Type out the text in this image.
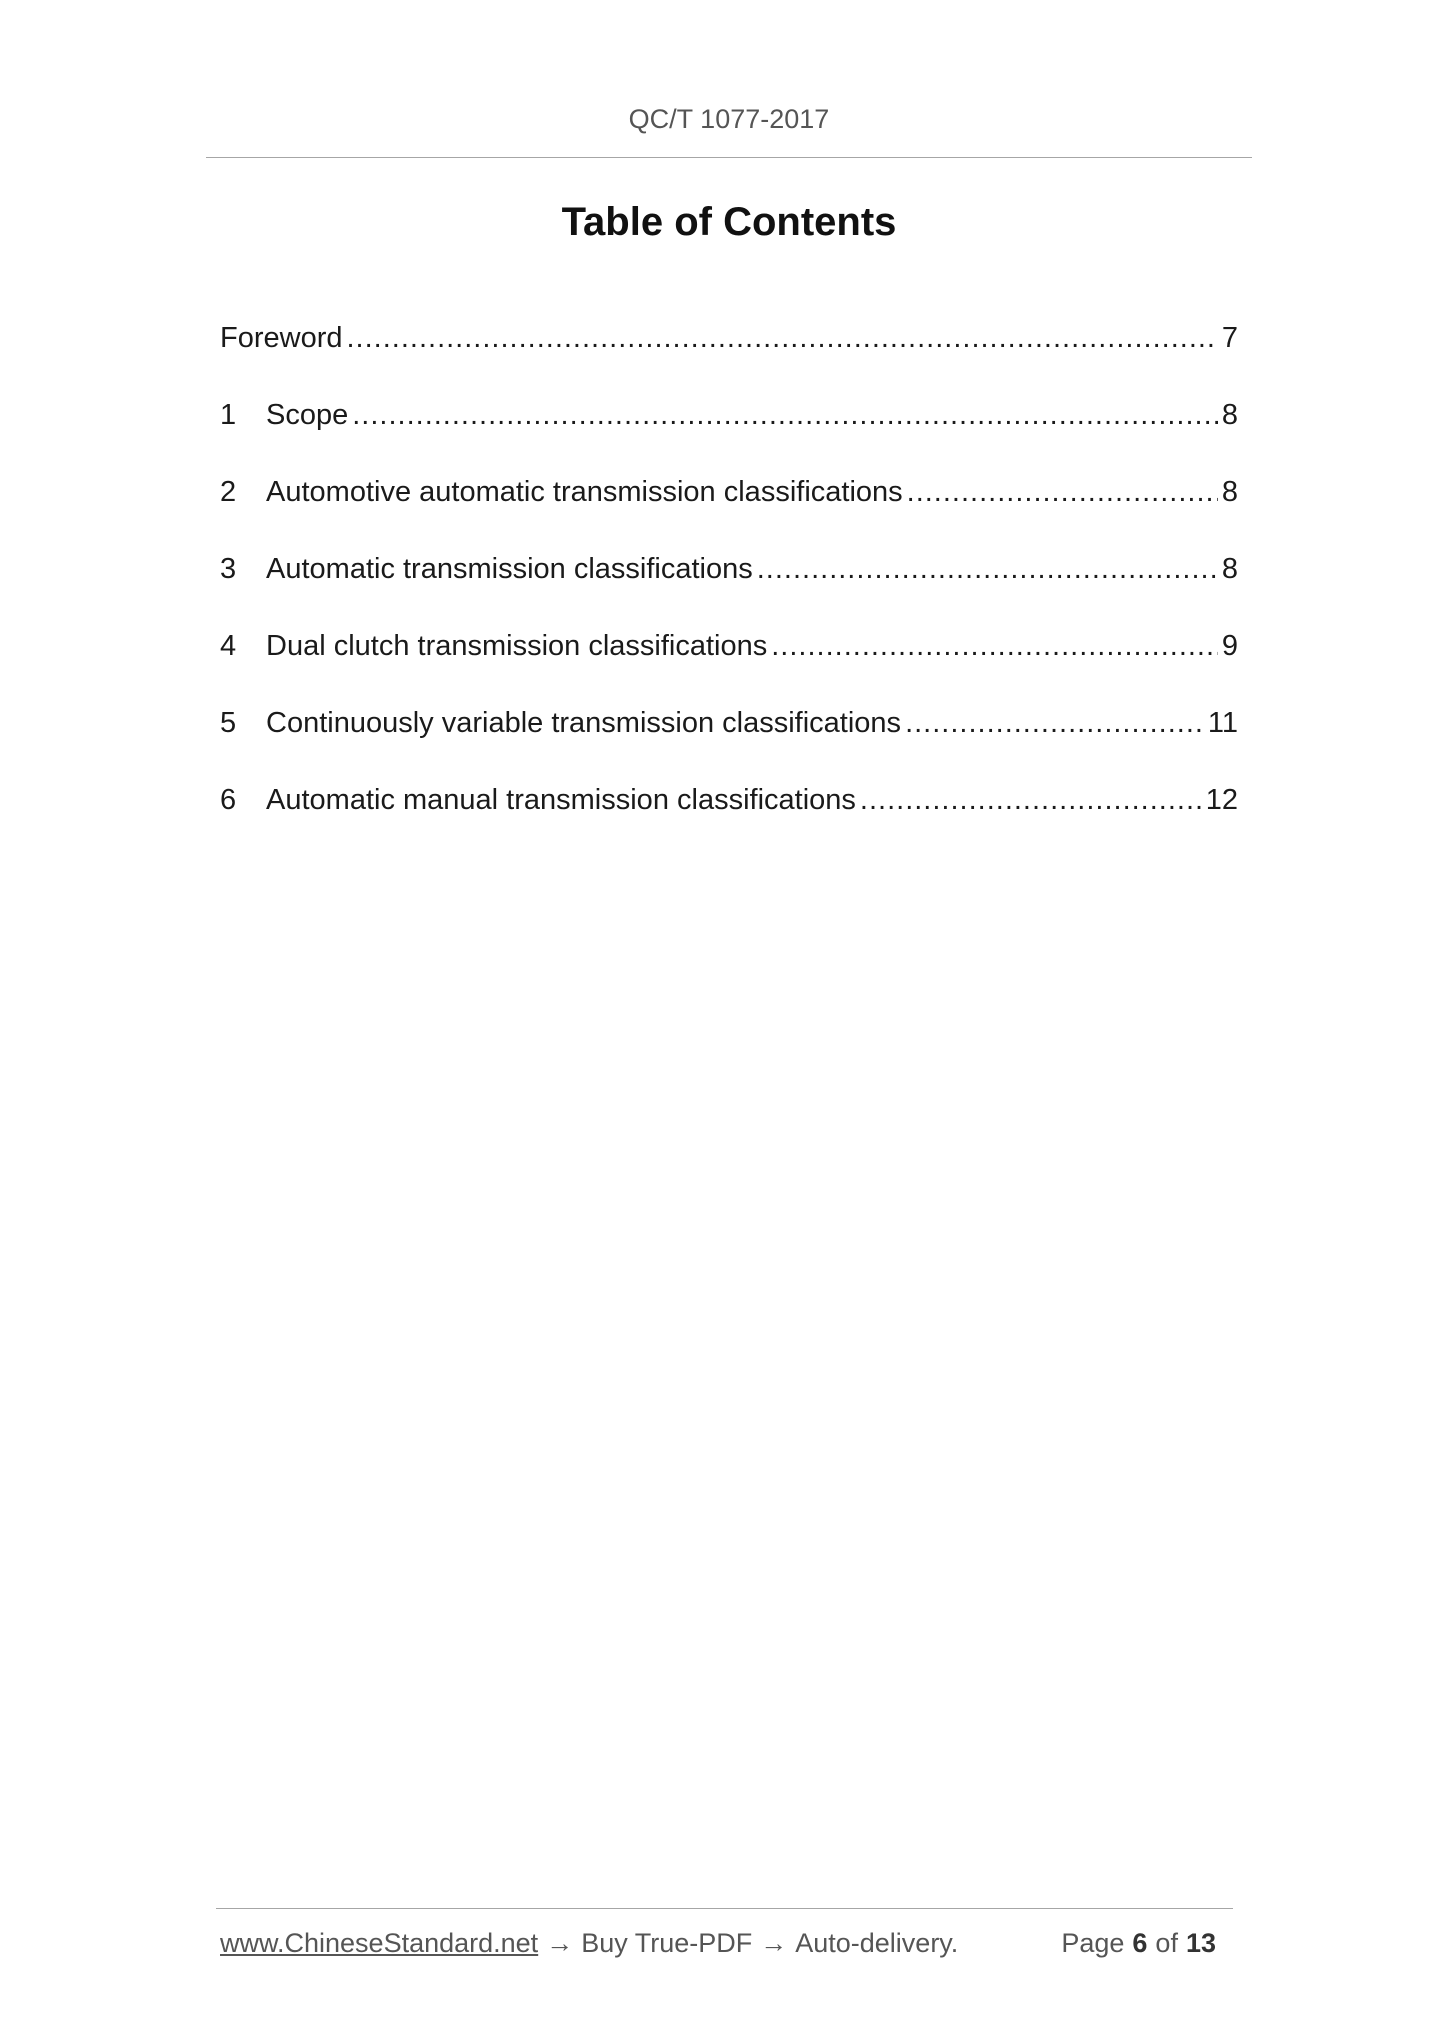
QC/T 1077-2017
Table of Contents
Foreword .....	7
1	Scope .....	8
2	Automotive automatic transmission classifications .....	8
3	Automatic transmission classifications .....	8
4	Dual clutch transmission classifications .....	9
5	Continuously variable transmission classifications .....	11
6	Automatic manual transmission classifications .....	12
www.ChineseStandard.net → Buy True-PDF → Auto-delivery.	Page 6 of 13
